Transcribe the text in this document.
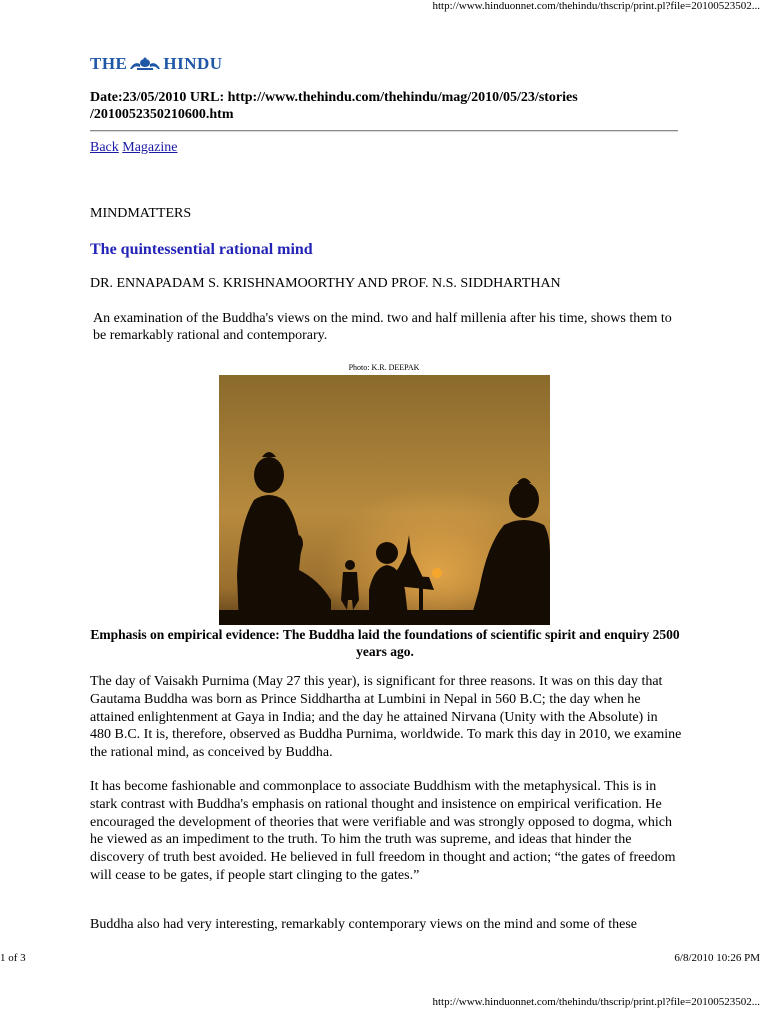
http://www.hinduonnet.com/thehindu/thscrip/print.pl?file=20100523502...
THE HINDU
Date:23/05/2010 URL: http://www.thehindu.com/thehindu/mag/2010/05/23/stories
/2010052350210600.htm
Back Magazine
MINDMATTERS
The quintessential rational mind
DR. ENNAPADAM S. KRISHNAMOORTHY AND PROF. N.S. SIDDHARTHAN
An examination of the Buddha's views on the mind. two and half millenia after his time, shows them to be remarkably rational and contemporary.
Photo: K.R. DEEPAK
Emphasis on empirical evidence: The Buddha laid the foundations of scientific spirit and enquiry 2500 years ago.

The day of Vaisakh Purnima (May 27 this year), is significant for three reasons. It was on this day that Gautama Buddha was born as Prince Siddhartha at Lumbini in Nepal in 560 B.C; the day when he attained enlightenment at Gaya in India; and the day he attained Nirvana (Unity with the Absolute) in 480 B.C. It is, therefore, observed as Buddha Purnima, worldwide. To mark this day in 2010, we examine the rational mind, as conceived by Buddha.

It has become fashionable and commonplace to associate Buddhism with the metaphysical. This is in stark contrast with Buddha's emphasis on rational thought and insistence on empirical verification. He encouraged the development of theories that were verifiable and was strongly opposed to dogma, which he viewed as an impediment to the truth. To him the truth was supreme, and ideas that hinder the discovery of truth best avoided. He believed in full freedom in thought and action; “the gates of freedom will cease to be gates, if people start clinging to the gates.”

Buddha also had very interesting, remarkably contemporary views on the mind and some of these

1 of 3	6/8/2010 10:26 PM
http://www.hinduonnet.com/thehindu/thscrip/print.pl?file=20100523502...
